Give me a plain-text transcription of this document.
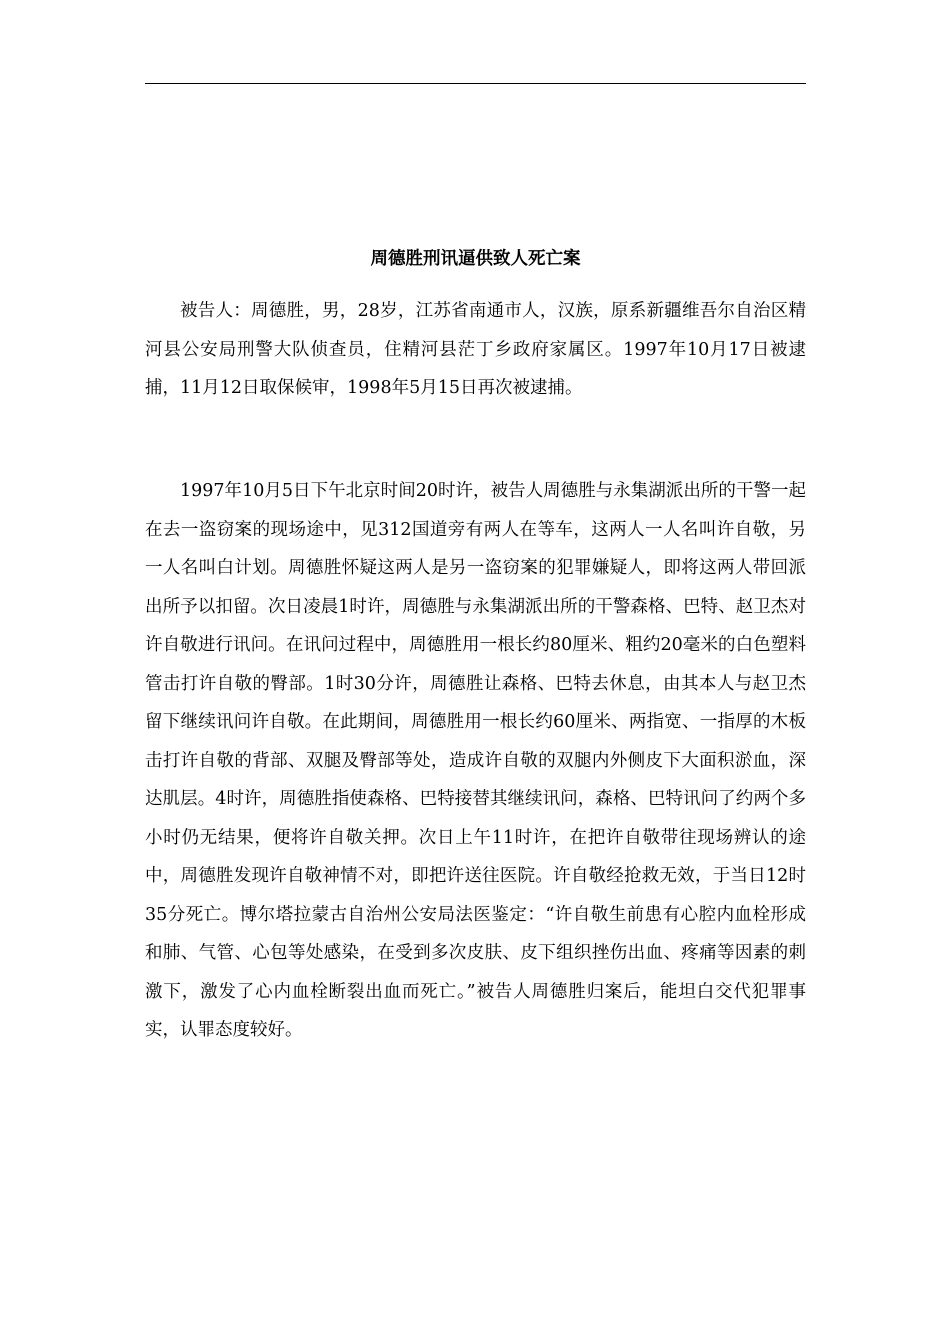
周德胜刑讯逼供致人死亡案

被告人：周德胜，男，28岁，江苏省南通市人，汉族，原系新疆维吾尔自治区精河县公安局刑警大队侦查员，住精河县茫丁乡政府家属区。1997年10月17日被逮捕，11月12日取保候审，1998年5月15日再次被逮捕。

1997年10月5日下午北京时间20时许，被告人周德胜与永集湖派出所的干警一起在去一盗窃案的现场途中，见312国道旁有两人在等车，这两人一人名叫许自敬，另一人名叫白计划。周德胜怀疑这两人是另一盗窃案的犯罪嫌疑人，即将这两人带回派出所予以扣留。次日凌晨1时许，周德胜与永集湖派出所的干警森格、巴特、赵卫杰对许自敬进行讯问。在讯问过程中，周德胜用一根长约80厘米、粗约20毫米的白色塑料管击打许自敬的臀部。1时30分许，周德胜让森格、巴特去休息，由其本人与赵卫杰留下继续讯问许自敬。在此期间，周德胜用一根长约60厘米、两指宽、一指厚的木板击打许自敬的背部、双腿及臀部等处，造成许自敬的双腿内外侧皮下大面积淤血，深达肌层。4时许，周德胜指使森格、巴特接替其继续讯问，森格、巴特讯问了约两个多小时仍无结果，便将许自敬关押。次日上午11时许，在把许自敬带往现场辨认的途中，周德胜发现许自敬神情不对，即把许送往医院。许自敬经抢救无效，于当日12时35分死亡。博尔塔拉蒙古自治州公安局法医鉴定：“许自敬生前患有心腔内血栓形成和肺、气管、心包等处感染，在受到多次皮肤、皮下组织挫伤出血、疼痛等因素的刺激下，激发了心内血栓断裂出血而死亡。”被告人周德胜归案后，能坦白交代犯罪事实，认罪态度较好。
